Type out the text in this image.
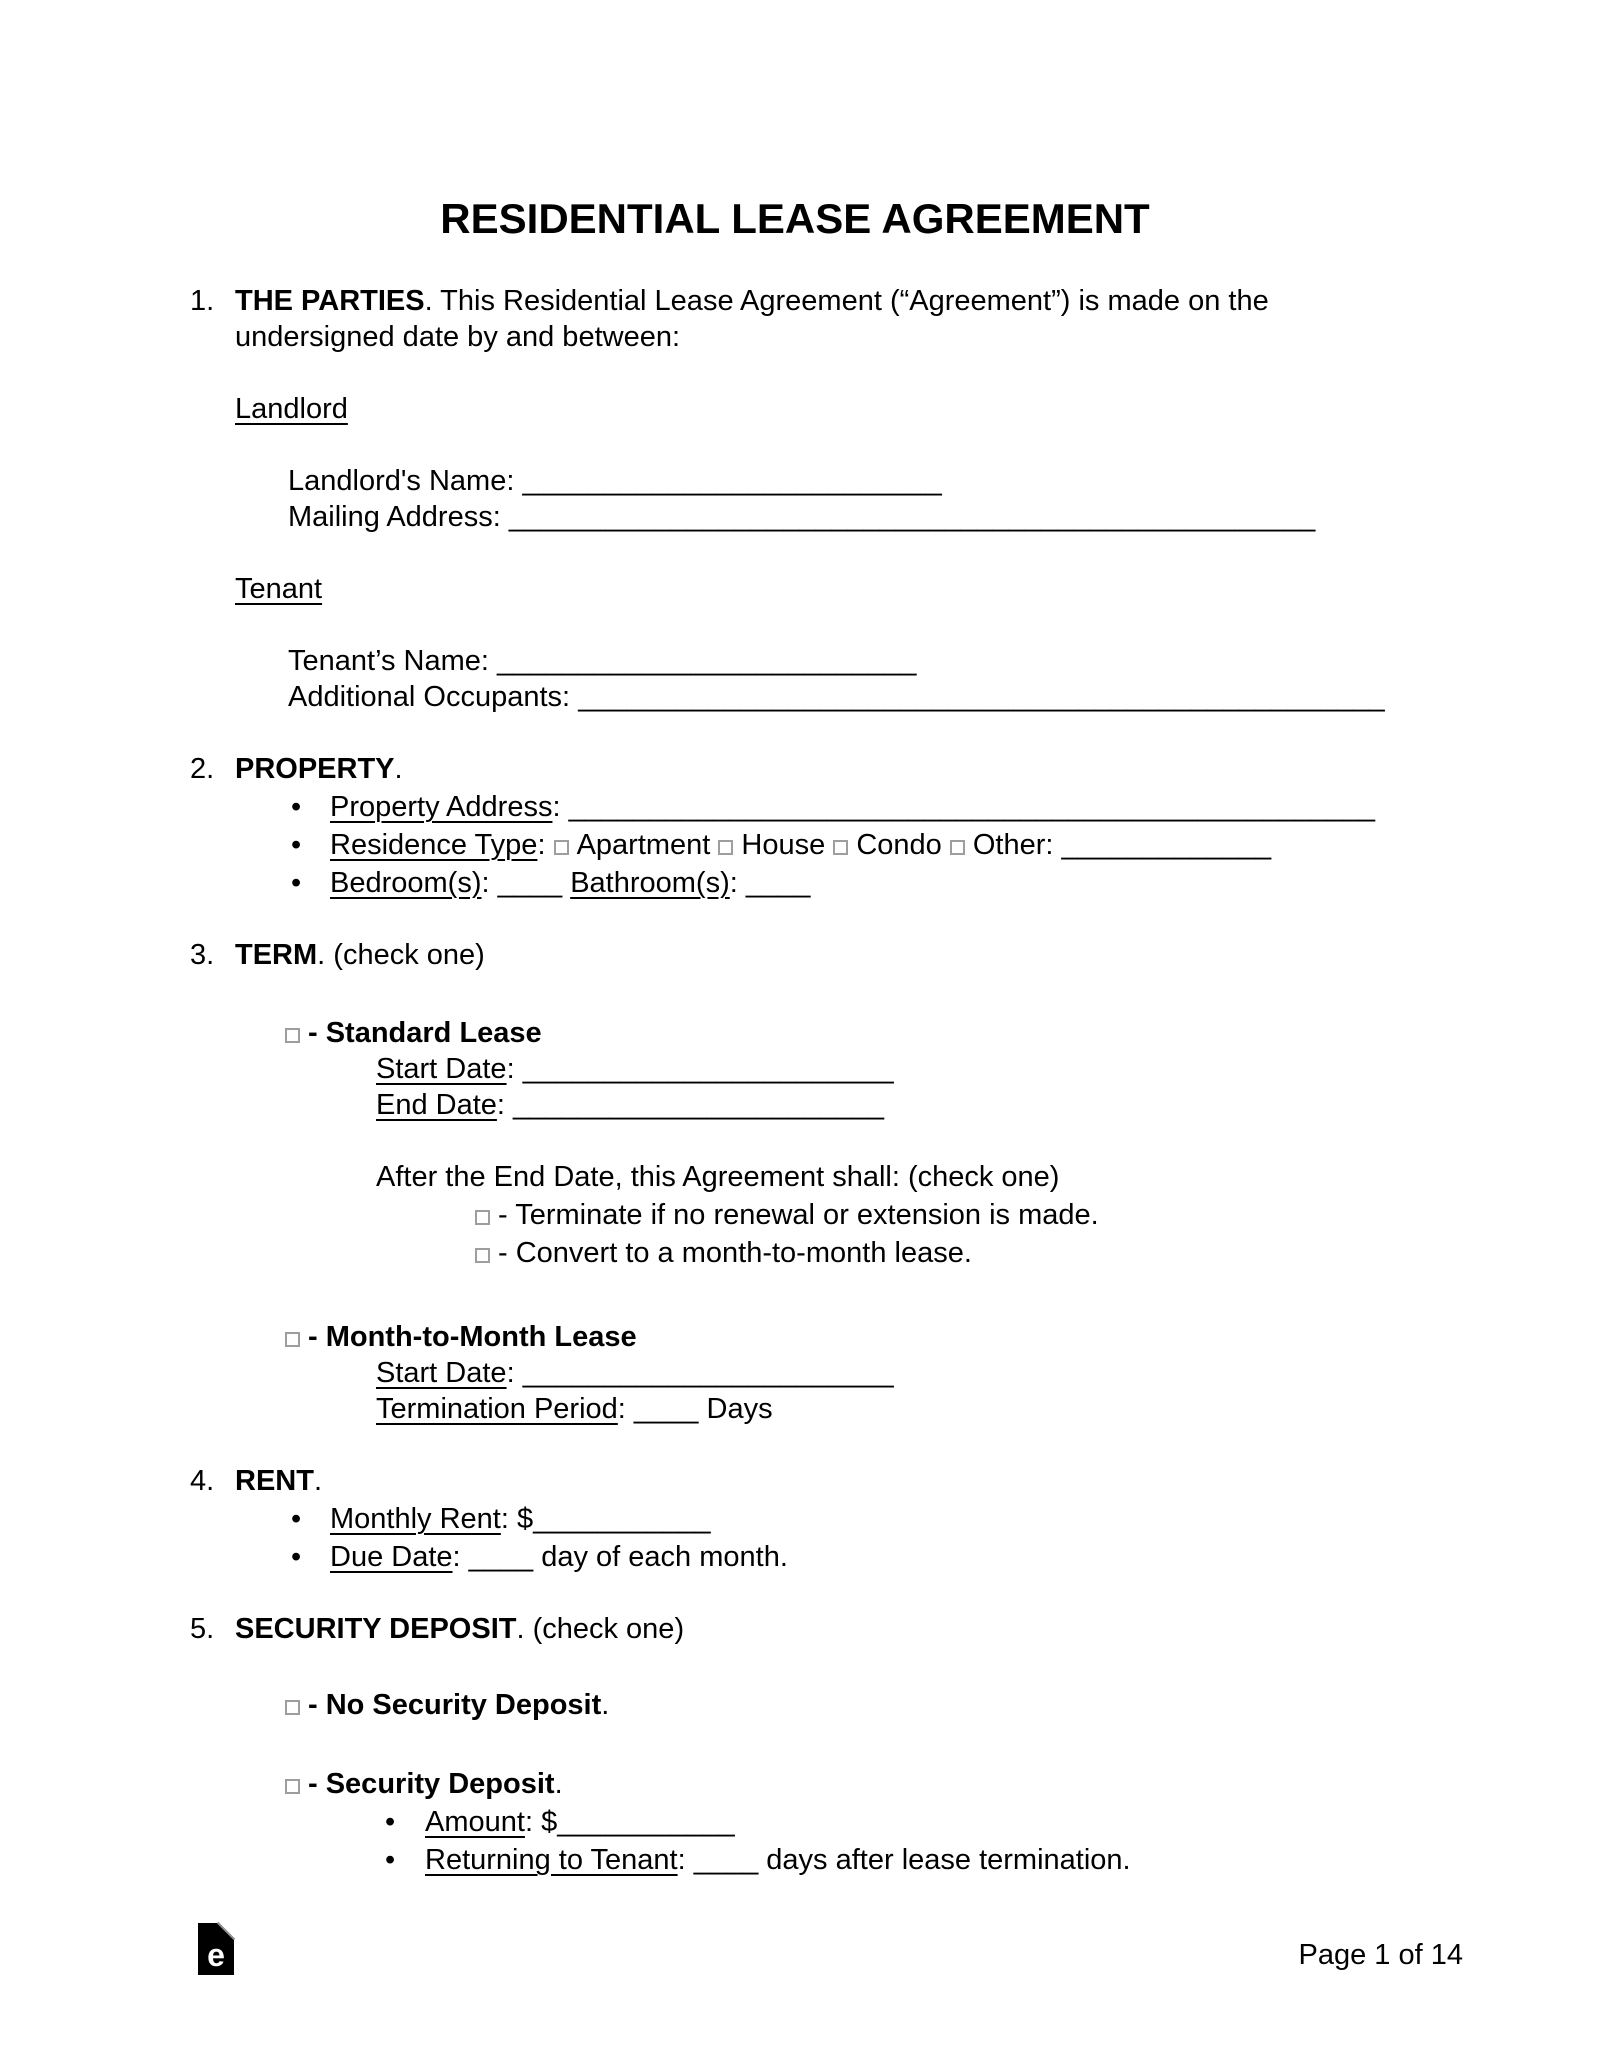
RESIDENTIAL LEASE AGREEMENT
1. THE PARTIES. This Residential Lease Agreement (“Agreement”) is made on the
undersigned date by and between:

Landlord

Landlord's Name: __________________________
Mailing Address: __________________________________________________

Tenant

Tenant’s Name: __________________________
Additional Occupants: __________________________________________________
2. PROPERTY.
• Property Address: __________________________________________________
• Residence Type: Apartment House Condo Other: _____________
• Bedroom(s): ____ Bathroom(s): ____
3. TERM. (check one)
- Standard Lease
Start Date: _______________________
End Date: _______________________
After the End Date, this Agreement shall: (check one)
- Terminate if no renewal or extension is made.
- Convert to a month-to-month lease.
- Month-to-Month Lease
Start Date: _______________________
Termination Period: ____ Days
4. RENT.
• Monthly Rent: $___________
• Due Date: ____ day of each month.
5. SECURITY DEPOSIT. (check one)
- No Security Deposit.
- Security Deposit.
• Amount: $___________
• Returning to Tenant: ____ days after lease termination.
e	Page 1 of 14
